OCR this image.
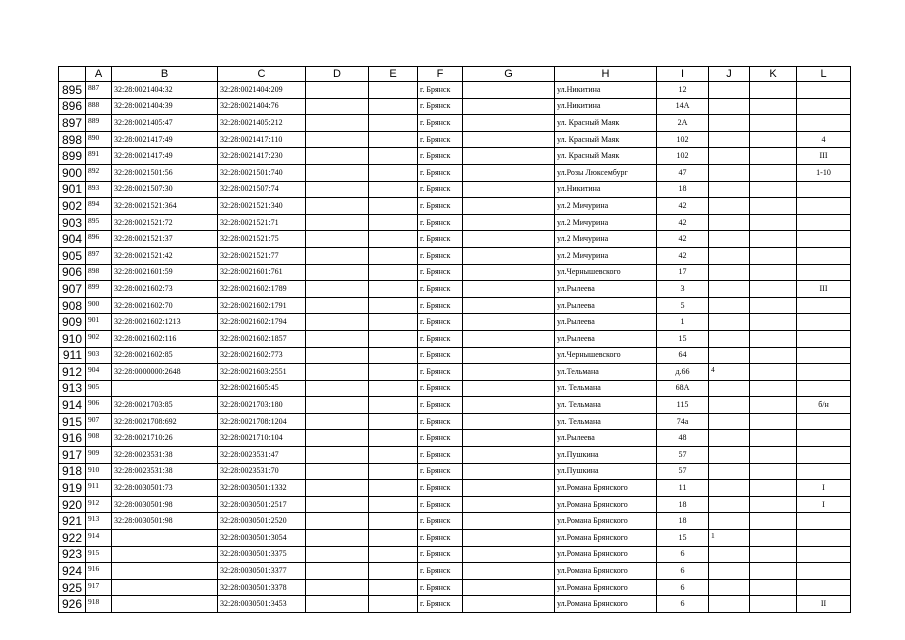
	A	B	C	D	E	F	G	H	I	J	K	L
895	887	32:28:0021404:32	32:28:0021404:209			г. Брянск		ул.Никитина	12			
896	888	32:28:0021404:39	32:28:0021404:76			г. Брянск		ул.Никитина	14А			
897	889	32:28:0021405:47	32:28:0021405:212			г. Брянск		ул. Красный Маяк	2А			
898	890	32:28:0021417:49	32:28:0021417:110			г. Брянск		ул. Красный Маяк	102			4
899	891	32:28:0021417:49	32:28:0021417:230			г. Брянск		ул. Красный Маяк	102			III
900	892	32:28:0021501:56	32:28:0021501:740			г. Брянск		ул.Розы Люксембург	47			1-10
901	893	32:28:0021507:30	32:28:0021507:74			г. Брянск		ул.Никитина	18			
902	894	32:28:0021521:364	32:28:0021521:340			г. Брянск		ул.2 Мичурина	42			
903	895	32:28:0021521:72	32:28:0021521:71			г. Брянск		ул.2 Мичурина	42			
904	896	32:28:0021521:37	32:28:0021521:75			г. Брянск		ул.2 Мичурина	42			
905	897	32:28:0021521:42	32:28:0021521:77			г. Брянск		ул.2 Мичурина	42			
906	898	32:28:0021601:59	32:28:0021601:761			г. Брянск		ул.Чернышевского	17			
907	899	32:28:0021602:73	32:28:0021602:1789			г. Брянск		ул.Рылеева	3			III
908	900	32:28:0021602:70	32:28:0021602:1791			г. Брянск		ул.Рылеева	5			
909	901	32:28:0021602:1213	32:28:0021602:1794			г. Брянск		ул.Рылеева	1			
910	902	32:28:0021602:116	32:28:0021602:1857			г. Брянск		ул.Рылеева	15			
911	903	32:28:0021602:85	32:28:0021602:773			г. Брянск		ул.Чернышевского	64			
912	904	32:28:0000000:2648	32:28:0021603:2551			г. Брянск		ул.Тельмана	д.66	4		
913	905		32:28:0021605:45			г. Брянск		ул. Тельмана	68А			
914	906	32:28:0021703:85	32:28:0021703:180			г. Брянск		ул. Тельмана	115			б/н
915	907	32:28:0021708:692	32:28:0021708:1204			г. Брянск		ул. Тельмана	74а			
916	908	32:28:0021710:26	32:28:0021710:104			г. Брянск		ул.Рылеева	48			
917	909	32:28:0023531:38	32:28:0023531:47			г. Брянск		ул.Пушкина	57			
918	910	32:28:0023531:38	32:28:0023531:70			г. Брянск		ул.Пушкина	57			
919	911	32:28:0030501:73	32:28:0030501:1332			г. Брянск		ул.Романа Брянского	11			I
920	912	32:28:0030501:98	32:28:0030501:2517			г. Брянск		ул.Романа Брянского	18			I
921	913	32:28:0030501:98	32:28:0030501:2520			г. Брянск		ул.Романа Брянского	18			
922	914		32:28:0030501:3054			г. Брянск		ул.Романа Брянского	15	1		
923	915		32:28:0030501:3375			г. Брянск		ул.Романа Брянского	6			
924	916		32:28:0030501:3377			г. Брянск		ул.Романа Брянского	6			
925	917		32:28:0030501:3378			г. Брянск		ул.Романа Брянского	6			
926	918		32:28:0030501:3453			г. Брянск		ул.Романа Брянского	6			II
